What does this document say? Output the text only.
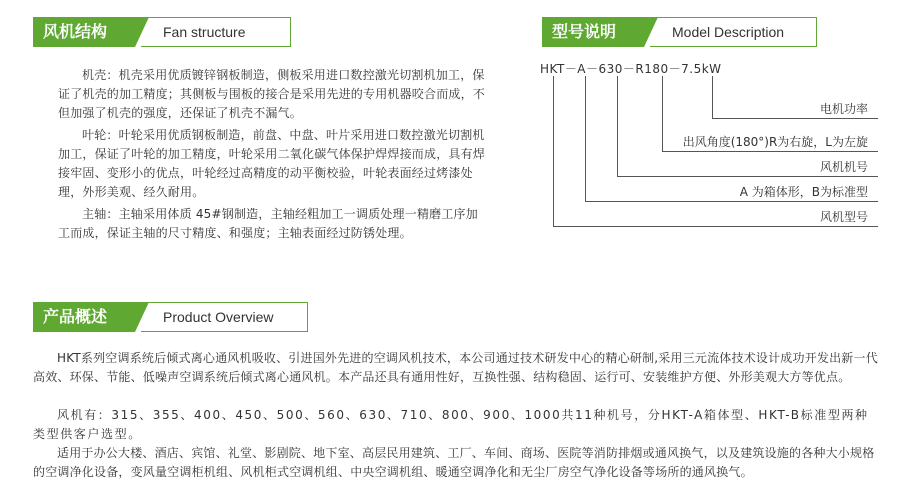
Fan structure
风机结构
机壳：机壳采用优质镀锌钢板制造，侧板采用进口数控激光切割机加工，保证了机壳的加工精度；其侧板与围板的接合是采用先进的专用机器咬合而成，不但加强了机壳的强度，还保证了机壳不漏气。
叶轮：叶轮采用优质钢板制造，前盘、中盘、叶片采用进口数控激光切割机加工，保证了叶轮的加工精度，叶轮采用二氧化碳气体保护焊焊接而成，具有焊接牢固、变形小的优点，叶轮经过高精度的动平衡校验，叶轮表面经过烤漆处理，外形美观、经久耐用。
主轴：主轴采用体质 45#钢制造，主轴经粗加工一调质处理一精磨工序加工而成，保证主轴的尺寸精度、和强度；主轴表面经过防锈处理。
Model Description
型号说明
HKT－A－630－R180－7.5kW
电机功率
出风角度(180°)R为右旋，L为左旋
风机机号
A 为箱体形，B为标准型
风机型号
Product Overview
产品概述
HKT系列空调系统后倾式离心通风机吸收、引进国外先进的空调风机技术，本公司通过技术研发中心的精心研制,采用三元流体技术设计成功开发出新一代高效、环保、节能、低噪声空调系统后倾式离心通风机。本产品还具有通用性好，互换性强、结构稳固、运行可、安装维护方便、外形美观大方等优点。
风机有：315、355、400、450、500、560、630、710、800、900、1000共11种机号，分HKT-A箱体型、HKT-B标准型两种类型供客户选型。
适用于办公大楼、酒店、宾馆、礼堂、影剧院、地下室、高层民用建筑、工厂、车间、商场、医院等消防排烟或通风换气，以及建筑设施的各种大小规格的空调净化设备，变风量空调柜机组、风机柜式空调机组、中央空调机组、暖通空调净化和无尘厂房空气净化设备等场所的通风换气。
